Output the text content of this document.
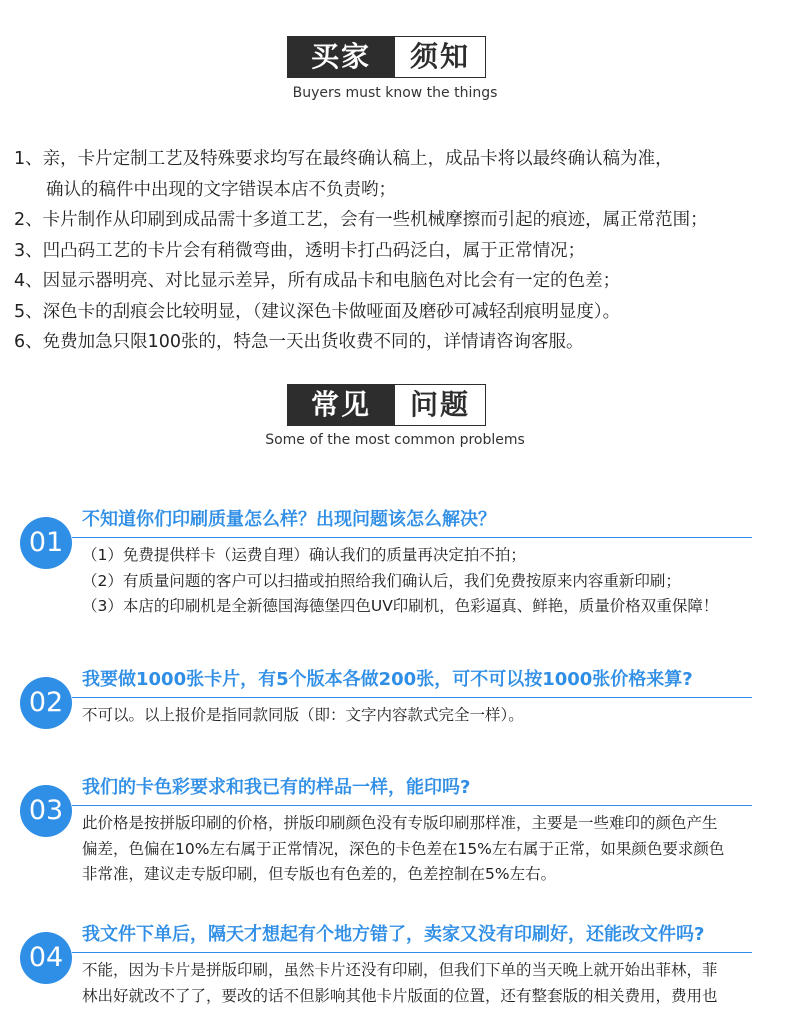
买家	须知
Buyers must know the things
1、亲，卡片定制工艺及特殊要求均写在最终确认稿上，成品卡将以最终确认稿为准，
确认的稿件中出现的文字错误本店不负责哟；
2、卡片制作从印刷到成品需十多道工艺，会有一些机械摩擦而引起的痕迹，属正常范围；
3、凹凸码工艺的卡片会有稍微弯曲，透明卡打凸码泛白，属于正常情况；
4、因显示器明亮、对比显示差异，所有成品卡和电脑色对比会有一定的色差；
5、深色卡的刮痕会比较明显，（建议深色卡做哑面及磨砂可减轻刮痕明显度）。
6、免费加急只限100张的，特急一天出货收费不同的，详情请咨询客服。
常见	问题
Some of the most common problems
01
不知道你们印刷质量怎么样？出现问题该怎么解决？
（1）免费提供样卡（运费自理）确认我们的质量再决定拍不拍；
（2）有质量问题的客户可以扫描或拍照给我们确认后，我们免费按原来内容重新印刷；
（3）本店的印刷机是全新德国海德堡四色UV印刷机，色彩逼真、鲜艳，质量价格双重保障！
02
我要做1000张卡片，有5个版本各做200张，可不可以按1000张价格来算?
不可以。以上报价是指同款同版（即：文字内容款式完全一样）。
03
我们的卡色彩要求和我已有的样品一样，能印吗?
此价格是按拼版印刷的价格，拼版印刷颜色没有专版印刷那样准，主要是一些难印的颜色产生
偏差，色偏在10%左右属于正常情况，深色的卡色差在15%左右属于正常，如果颜色要求颜色
非常准，建议走专版印刷，但专版也有色差的，色差控制在5%左右。
04
我文件下单后，隔天才想起有个地方错了，卖家又没有印刷好，还能改文件吗?
不能，因为卡片是拼版印刷，虽然卡片还没有印刷，但我们下单的当天晚上就开始出菲林，菲
林出好就改不了了，要改的话不但影响其他卡片版面的位置，还有整套版的相关费用，费用也
